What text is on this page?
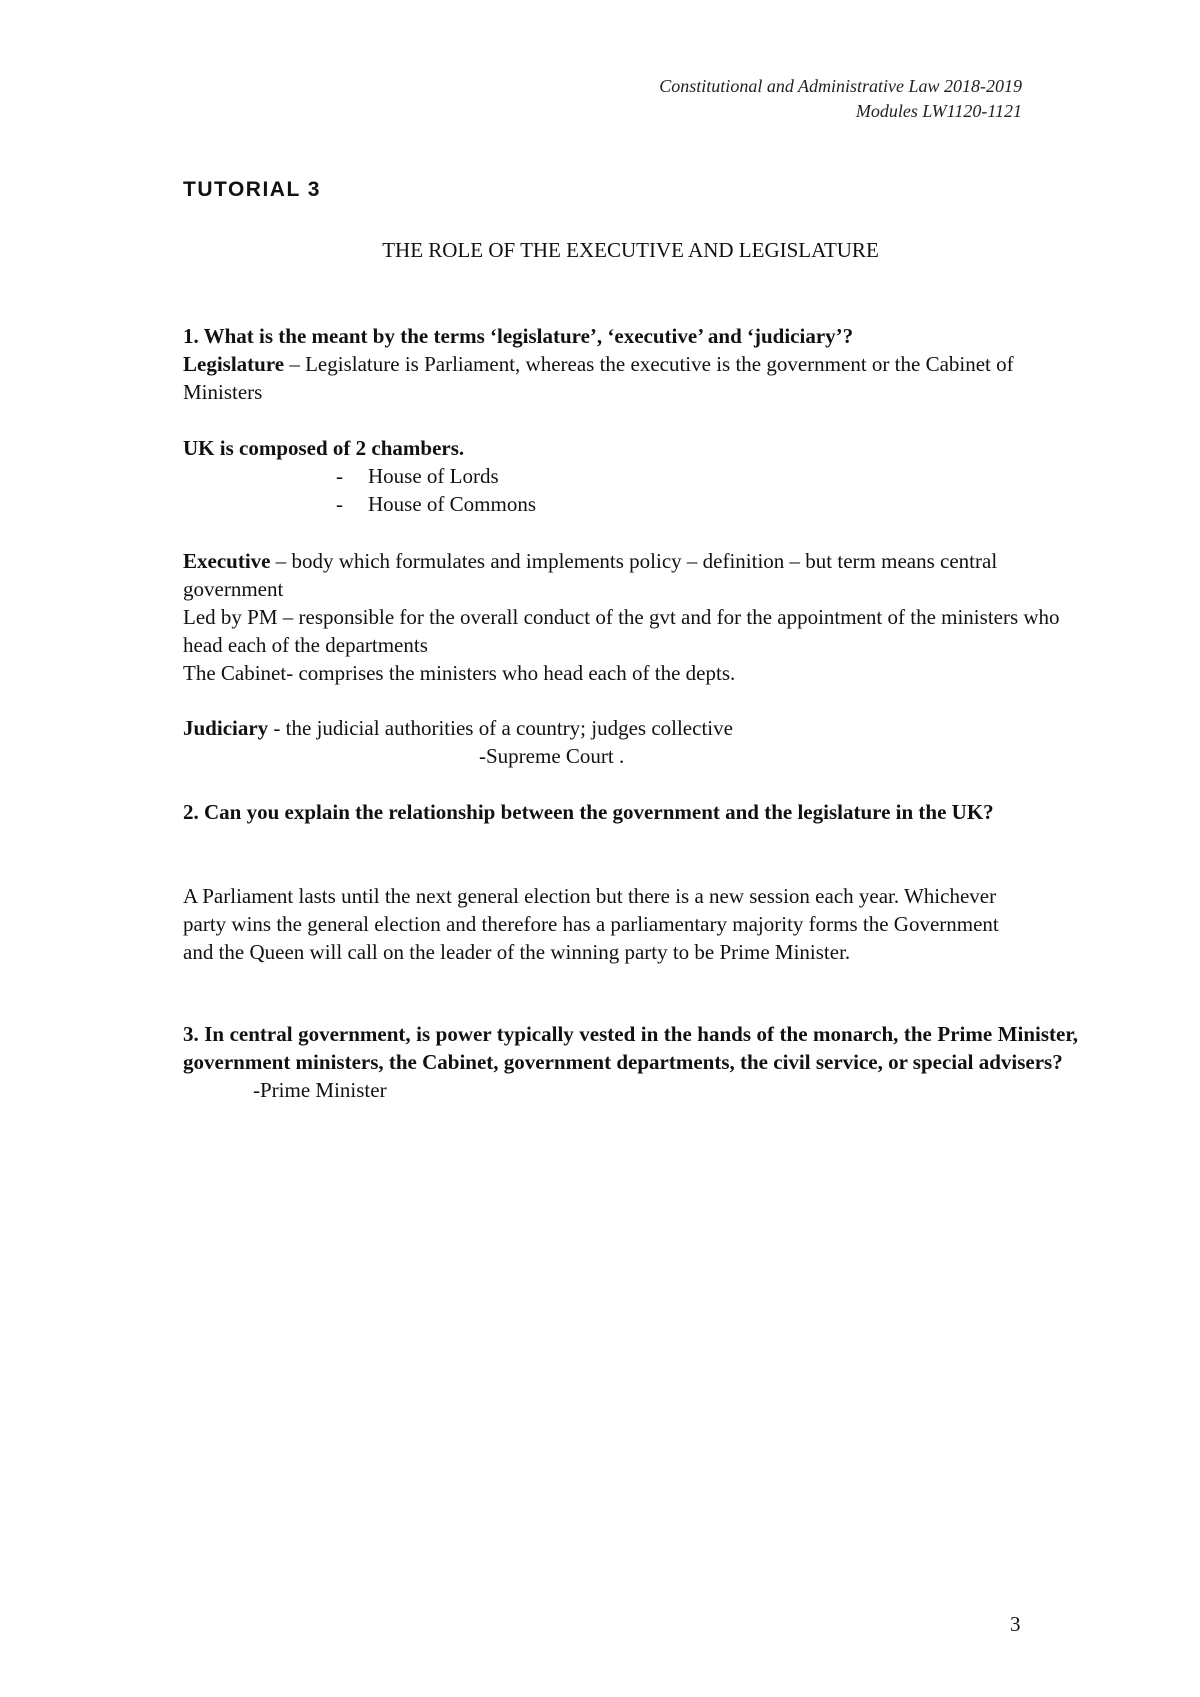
Constitutional and Administrative Law 2018-2019
Modules LW1120-1121
TUTORIAL 3
THE ROLE OF THE EXECUTIVE AND LEGISLATURE

1. What is the meant by the terms ‘legislature’, ‘executive’ and ‘judiciary’?

Legislature – Legislature is Parliament, whereas the executive is the government or the Cabinet of Ministers

UK is composed of 2 chambers.

- House of Lords

- House of Commons

Executive – body which formulates and implements policy – definition – but term means central government

Led by PM – responsible for the overall conduct of the gvt and for the appointment of the ministers who head each of the departments

The Cabinet- comprises the ministers who head each of the depts.

Judiciary - the judicial authorities of a country; judges collective

-Supreme Court .

2. Can you explain the relationship between the government and the legislature in the UK?

A Parliament lasts until the next general election but there is a new session each year. Whichever party wins the general election and therefore has a parliamentary majority forms the Government and the Queen will call on the leader of the winning party to be Prime Minister.

3. In central government, is power typically vested in the hands of the monarch, the Prime Minister, government ministers, the Cabinet, government departments, the civil service, or special advisers?

-Prime Minister

3
